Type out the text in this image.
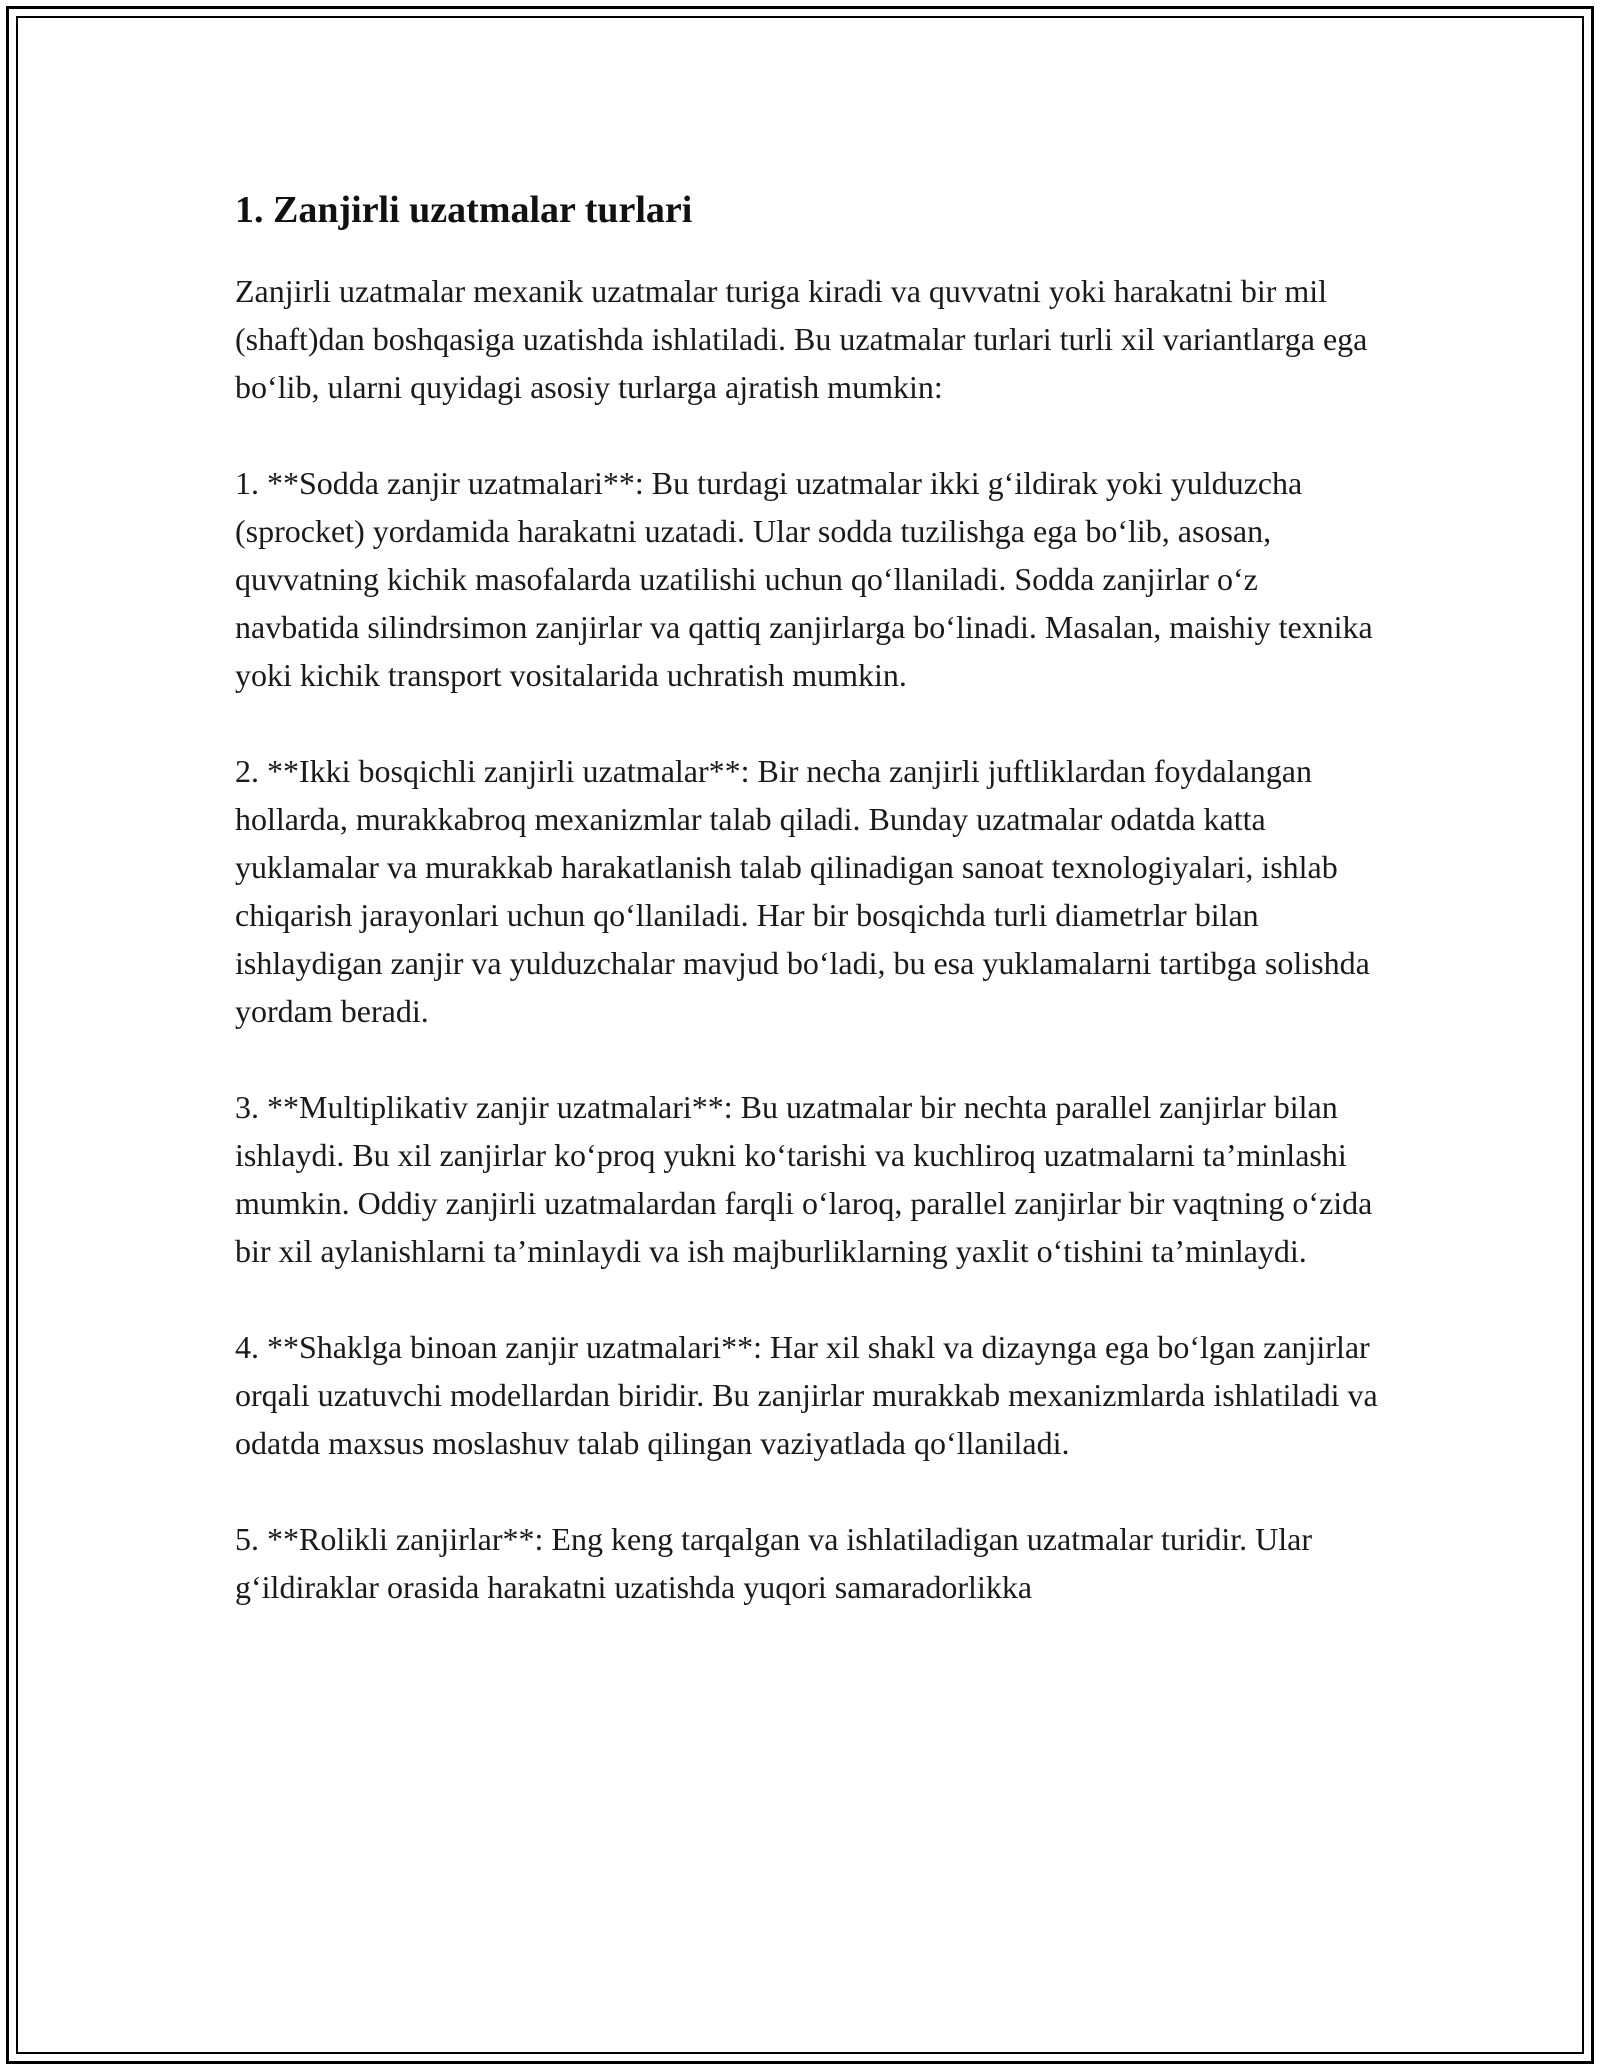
1. Zanjirli uzatmalar turlari

Zanjirli uzatmalar mexanik uzatmalar turiga kiradi va quvvatni yoki harakatni bir mil (shaft)dan boshqasiga uzatishda ishlatiladi. Bu uzatmalar turlari turli xil variantlarga ega bo‘lib, ularni quyidagi asosiy turlarga ajratish mumkin:

1. **Sodda zanjir uzatmalari**: Bu turdagi uzatmalar ikki g‘ildirak yoki yulduzcha (sprocket) yordamida harakatni uzatadi. Ular sodda tuzilishga ega bo‘lib, asosan, quvvatning kichik masofalarda uzatilishi uchun qo‘llaniladi. Sodda zanjirlar o‘z navbatida silindrsimon zanjirlar va qattiq zanjirlarga bo‘linadi. Masalan, maishiy texnika yoki kichik transport vositalarida uchratish mumkin.

2. **Ikki bosqichli zanjirli uzatmalar**: Bir necha zanjirli juftliklardan foydalangan hollarda, murakkabroq mexanizmlar talab qiladi. Bunday uzatmalar odatda katta yuklamalar va murakkab harakatlanish talab qilinadigan sanoat texnologiyalari, ishlab chiqarish jarayonlari uchun qo‘llaniladi. Har bir bosqichda turli diametrlar bilan ishlaydigan zanjir va yulduzchalar mavjud bo‘ladi, bu esa yuklamalarni tartibga solishda yordam beradi.

3. **Multiplikativ zanjir uzatmalari**: Bu uzatmalar bir nechta parallel zanjirlar bilan ishlaydi. Bu xil zanjirlar ko‘proq yukni ko‘tarishi va kuchliroq uzatmalarni ta’minlashi mumkin. Oddiy zanjirli uzatmalardan farqli o‘laroq, parallel zanjirlar bir vaqtning o‘zida bir xil aylanishlarni ta’minlaydi va ish majburliklarning yaxlit o‘tishini ta’minlaydi.

4. **Shaklga binoan zanjir uzatmalari**: Har xil shakl va dizaynga ega bo‘lgan zanjirlar orqali uzatuvchi modellardan biridir. Bu zanjirlar murakkab mexanizmlarda ishlatiladi va odatda maxsus moslashuv talab qilingan vaziyatlada qo‘llaniladi.

5. **Rolikli zanjirlar**: Eng keng tarqalgan va ishlatiladigan uzatmalar turidir. Ular g‘ildiraklar orasida harakatni uzatishda yuqori samaradorlikka
